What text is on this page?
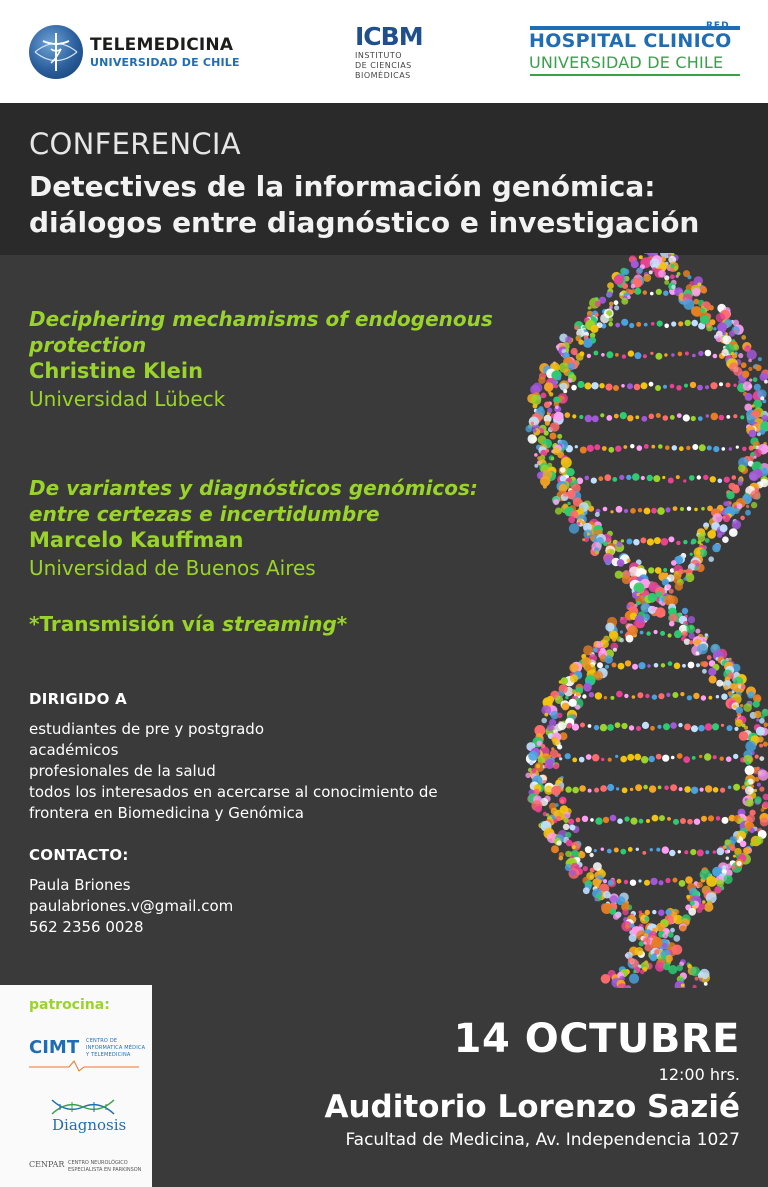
TELEMEDICINA
UNIVERSIDAD DE CHILE
ICBM
INSTITUTO
DE CIENCIAS
BIOMÉDICAS
HOSPITAL CLINICO
UNIVERSIDAD DE CHILE
CONFERENCIA
Detectives de la información genómica:
diálogos entre diagnóstico e investigación
Deciphering mechamisms of endogenous
protection
Christine Klein
Universidad Lübeck
De variantes y diagnósticos genómicos:
entre certezas e incertidumbre
Marcelo Kauffman
Universidad de Buenos Aires
*Transmisión vía streaming*
DIRIGIDO A
estudiantes de pre y postgrado
académicos
profesionales de la salud
todos los interesados en acercarse al conocimiento de
frontera en Biomedicina y Genómica
CONTACTO:
Paula Briones
paulabriones.v@gmail.com
562 2356 0028
patrocina:
CIMT CENTRO DE
INFORMATICA MÉDICA
Y TELEMEDICINA
Diagnosis
CENPAR CENTRO NEUROLÓGICO
ESPECIALISTA EN PARKINSON
14 OCTUBRE
12:00 hrs.
Auditorio Lorenzo Sazié
Facultad de Medicina, Av. Independencia 1027
